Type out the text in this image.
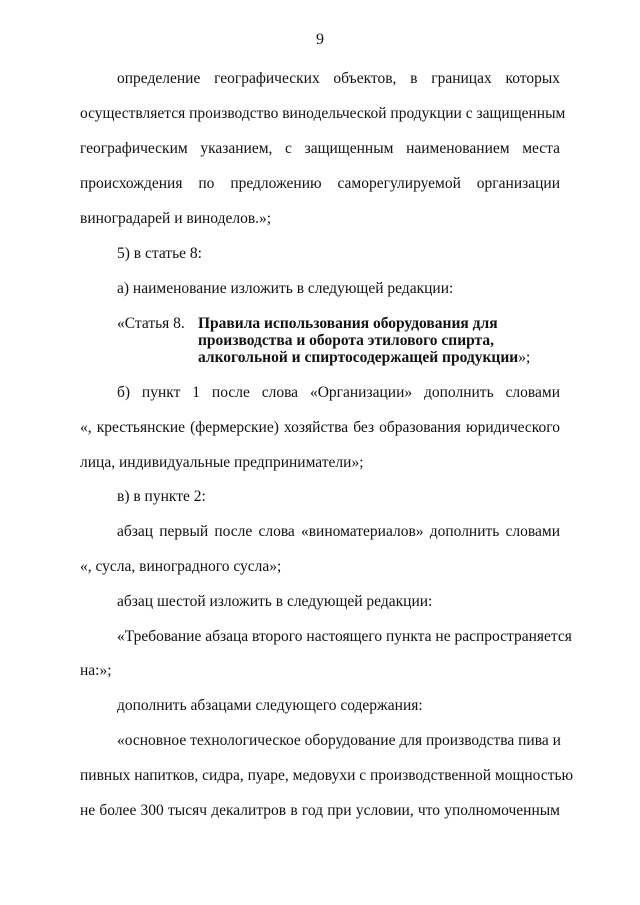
9
определение географических объектов, в границах которых
осуществляется производство винодельческой продукции с защищенным
географическим указанием, с защищенным наименованием места
происхождения по предложению саморегулируемой организации
виноградарей и виноделов.»;
5) в статье 8:
а) наименование изложить в следующей редакции:
«Статья 8. Правила использования оборудования для
производства и оборота этилового спирта,
алкогольной и спиртосодержащей продукции»;
б) пункт 1 после слова «Организации» дополнить словами
«, крестьянские (фермерские) хозяйства без образования юридического
лица, индивидуальные предприниматели»;
в) в пункте 2:
абзац первый после слова «виноматериалов» дополнить словами
«, сусла, виноградного сусла»;
абзац шестой изложить в следующей редакции:
«Требование абзаца второго настоящего пункта не распространяется
на:»;
дополнить абзацами следующего содержания:
«основное технологическое оборудование для производства пива и
пивных напитков, сидра, пуаре, медовухи с производственной мощностью
не более 300 тысяч декалитров в год при условии, что уполномоченным
